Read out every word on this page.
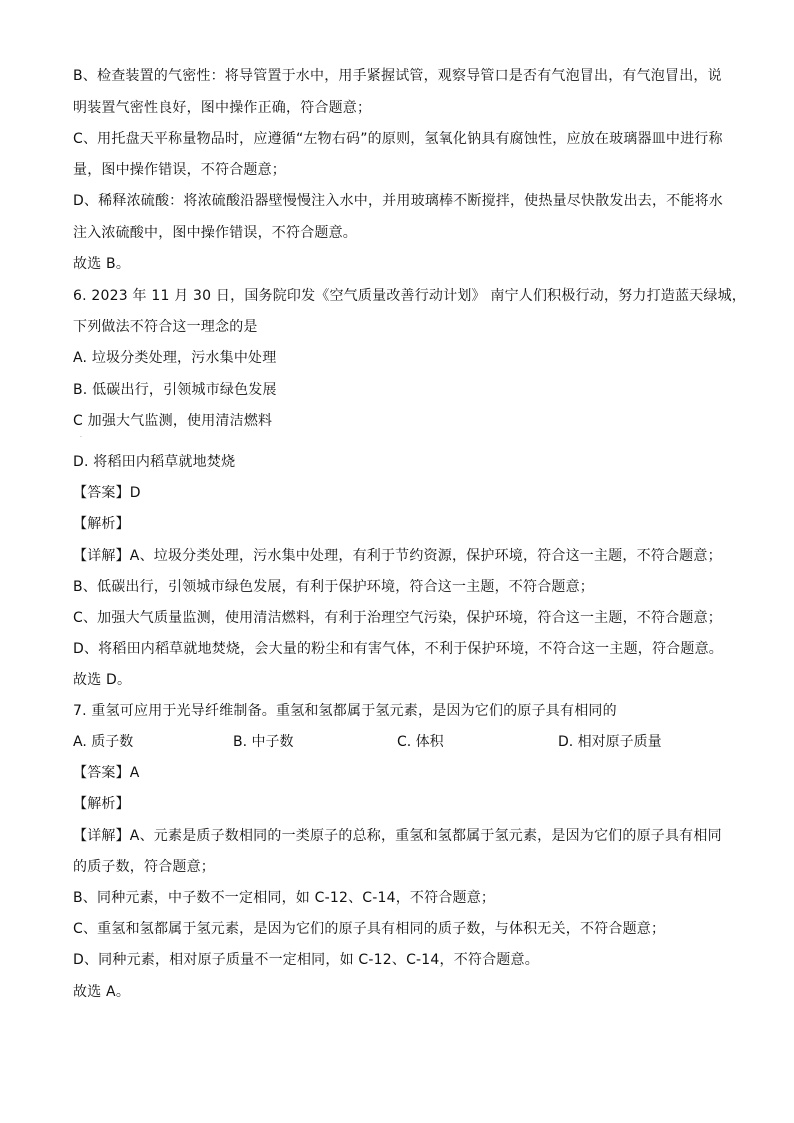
B、检查装置的气密性：将导管置于水中，用手紧握试管，观察导管口是否有气泡冒出，有气泡冒出，说
明装置气密性良好，图中操作正确，符合题意；
C、用托盘天平称量物品时，应遵循“左物右码”的原则，氢氧化钠具有腐蚀性，应放在玻璃器皿中进行称
量，图中操作错误，不符合题意；
D、稀释浓硫酸：将浓硫酸沿器壁慢慢注入水中，并用玻璃棒不断搅拌，使热量尽快散发出去，不能将水
注入浓硫酸中，图中操作错误，不符合题意。
故选 B。
6. 2023 年 11 月 30 日，国务院印发《空气质量改善行动计划》 南宁人们积极行动，努力打造蓝天绿城，
下列做法不符合这一理念的是
A. 垃圾分类处理，污水集中处理
B. 低碳出行，引领城市绿色发展
C 加强大气监测，使用清洁燃料
.
D. 将稻田内稻草就地焚烧
【答案】D
【解析】
【详解】A、垃圾分类处理，污水集中处理，有利于节约资源，保护环境，符合这一主题，不符合题意；
B、低碳出行，引领城市绿色发展，有利于保护环境，符合这一主题，不符合题意；
C、加强大气质量监测，使用清洁燃料，有利于治理空气污染，保护环境，符合这一主题，不符合题意；
D、将稻田内稻草就地焚烧，会大量的粉尘和有害气体，不利于保护环境，不符合这一主题，符合题意。
故选 D。
7. 重氢可应用于光导纤维制备。重氢和氢都属于氢元素，是因为它们的原子具有相同的
A. 质子数	B. 中子数	C. 体积	D. 相对原子质量
【答案】A
【解析】
【详解】A、元素是质子数相同的一类原子的总称，重氢和氢都属于氢元素，是因为它们的原子具有相同
的质子数，符合题意；
B、同种元素，中子数不一定相同，如 C-12、C-14，不符合题意；
C、重氢和氢都属于氢元素，是因为它们的原子具有相同的质子数，与体积无关，不符合题意；
D、同种元素，相对原子质量不一定相同，如 C-12、C-14，不符合题意。
故选 A。
